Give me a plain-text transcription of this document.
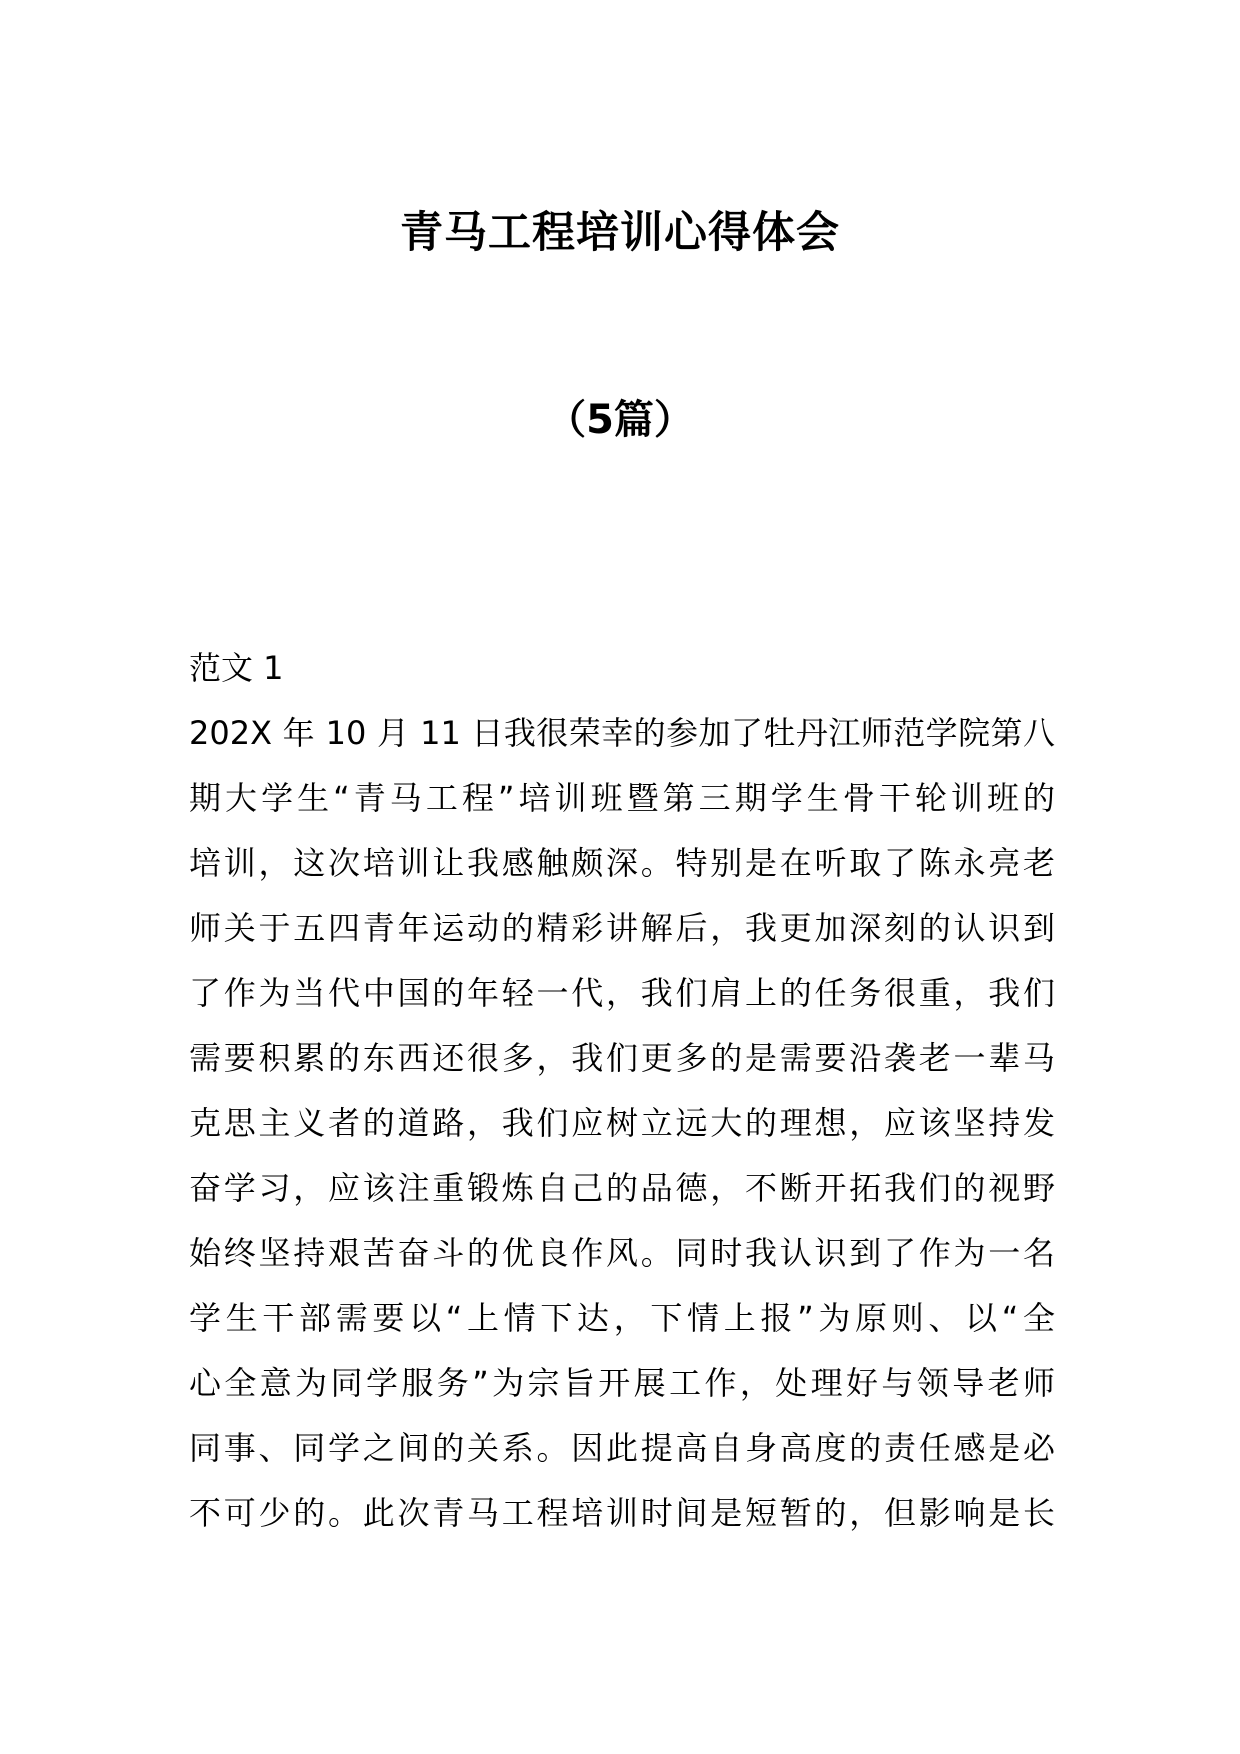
青马工程培训心得体会
（5篇）
范文 1
202X 年 10 月 11 日我很荣幸的参加了牡丹江师范学院第八
期大学生“青马工程”培训班暨第三期学生骨干轮训班的
培训，这次培训让我感触颇深。特别是在听取了陈永亮老
师关于五四青年运动的精彩讲解后，我更加深刻的认识到
了作为当代中国的年轻一代，我们肩上的任务很重，我们
需要积累的东西还很多，我们更多的是需要沿袭老一辈马
克思主义者的道路，我们应树立远大的理想，应该坚持发
奋学习，应该注重锻炼自己的品德，不断开拓我们的视野
始终坚持艰苦奋斗的优良作风。同时我认识到了作为一名
学生干部需要以“上情下达，下情上报”为原则、以“全
心全意为同学服务”为宗旨开展工作，处理好与领导老师
同事、同学之间的关系。因此提高自身高度的责任感是必
不可少的。此次青马工程培训时间是短暂的，但影响是长
